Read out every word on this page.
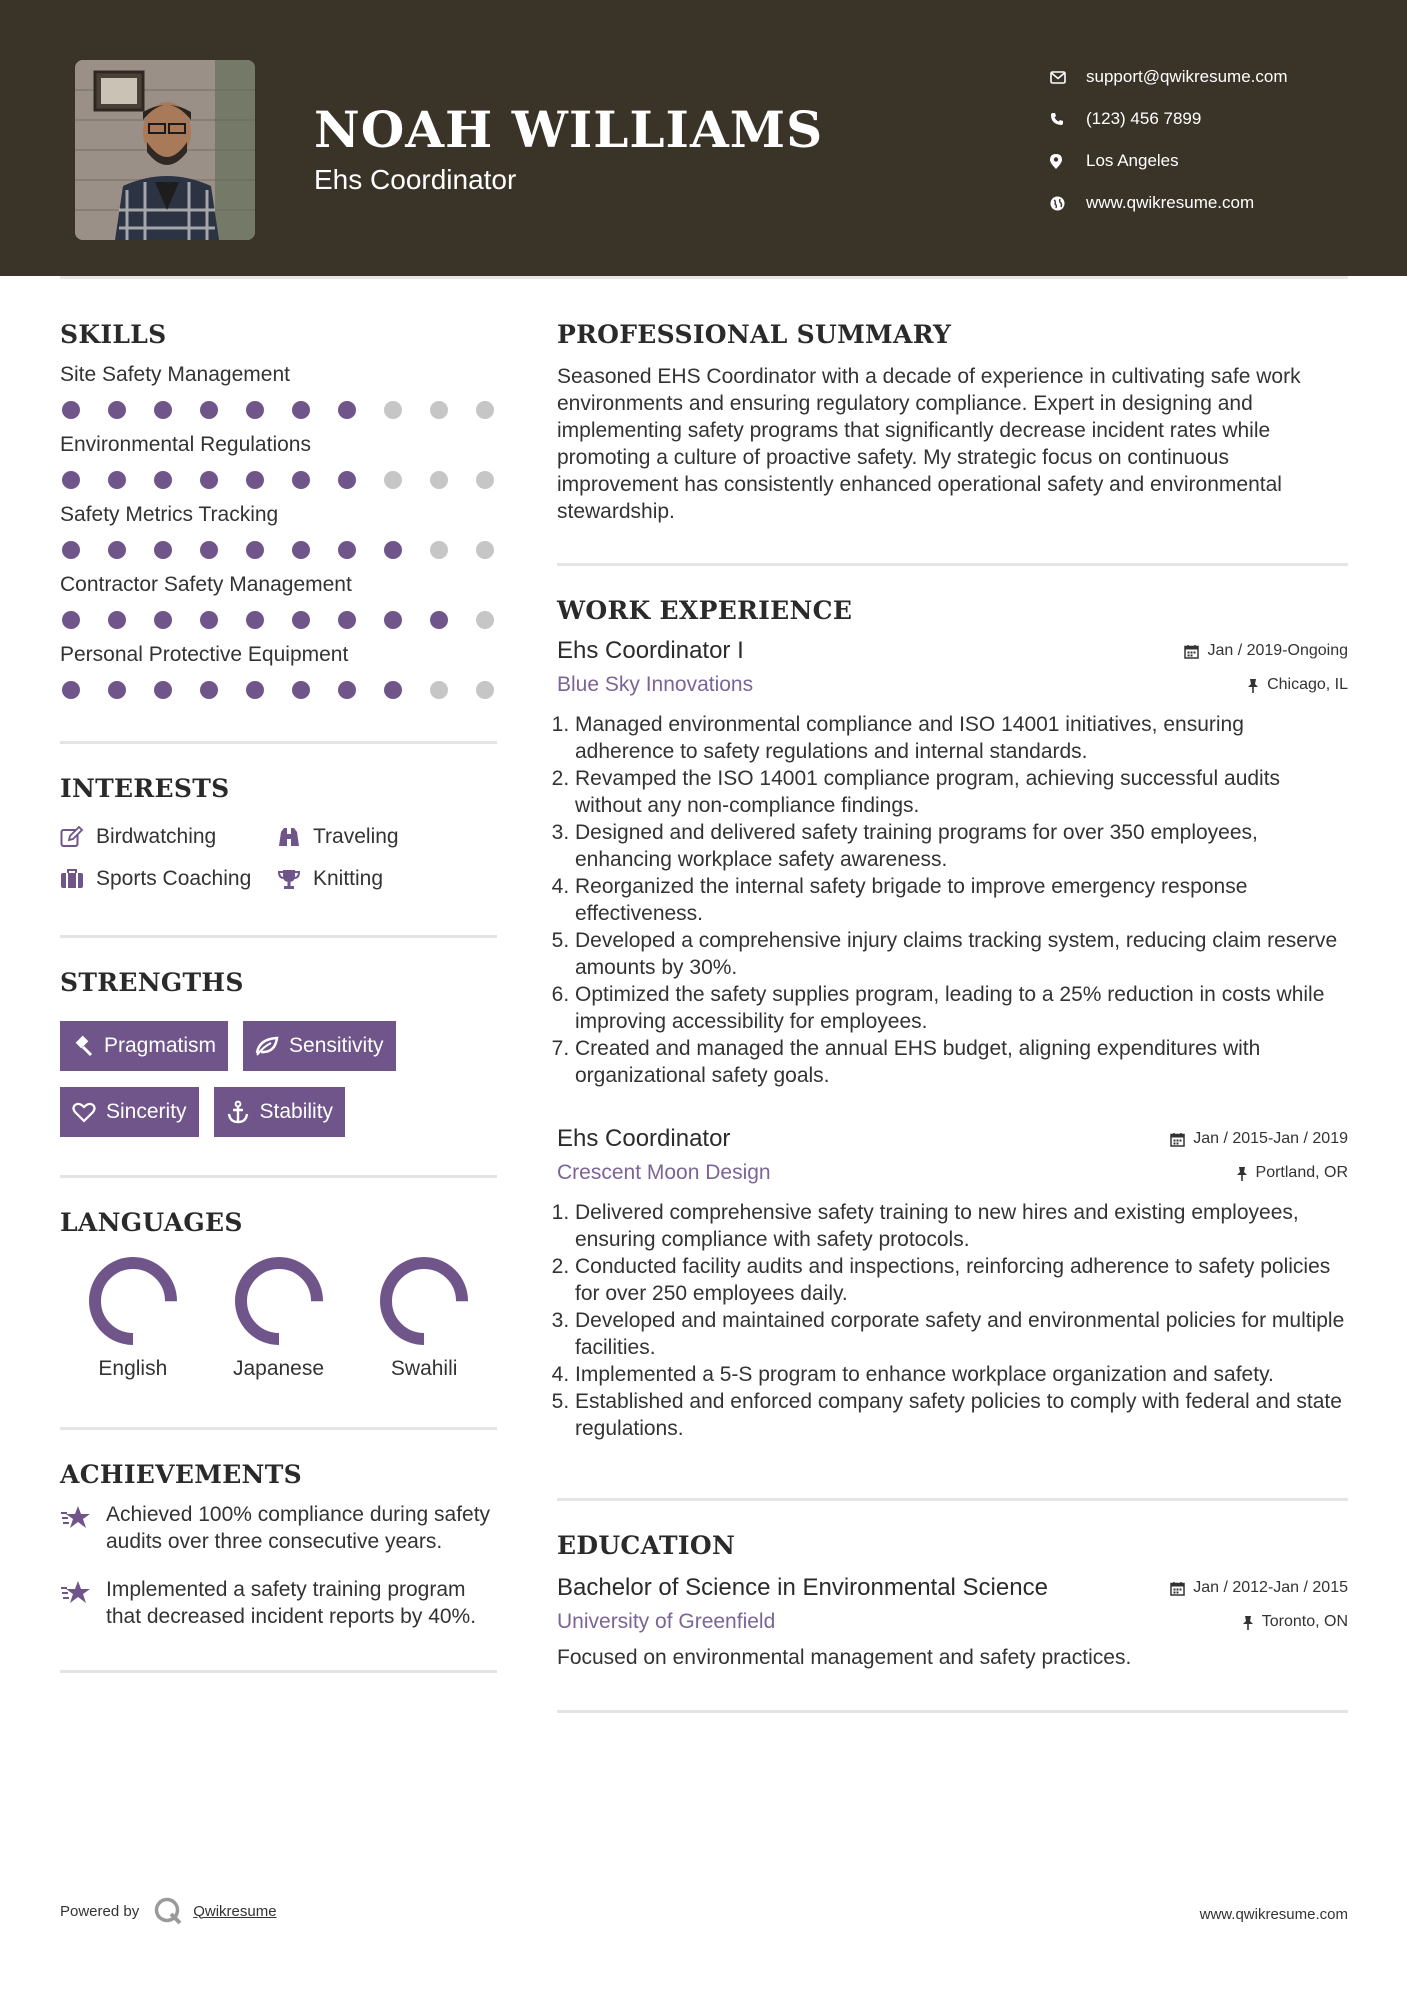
NOAH WILLIAMS
Ehs Coordinator
support@qwikresume.com
(123) 456 7899
Los Angeles
www.qwikresume.com
SKILLS
Site Safety Management
Environmental Regulations
Safety Metrics Tracking
Contractor Safety Management
Personal Protective Equipment
INTERESTS
Birdwatching	Traveling
Sports Coaching	Knitting
STRENGTHS
Pragmatism	Sensitivity
Sincerity	Stability
LANGUAGES
English	Japanese	Swahili
ACHIEVEMENTS
Achieved 100% compliance during safety audits over three consecutive years.
Implemented a safety training program that decreased incident reports by 40%.
PROFESSIONAL SUMMARY
Seasoned EHS Coordinator with a decade of experience in cultivating safe work environments and ensuring regulatory compliance. Expert in designing and implementing safety programs that significantly decrease incident rates while promoting a culture of proactive safety. My strategic focus on continuous improvement has consistently enhanced operational safety and environmental stewardship.
WORK EXPERIENCE
Ehs Coordinator I	Jan / 2019-Ongoing
Blue Sky Innovations	Chicago, IL
1. Managed environmental compliance and ISO 14001 initiatives, ensuring adherence to safety regulations and internal standards.
2. Revamped the ISO 14001 compliance program, achieving successful audits without any non-compliance findings.
3. Designed and delivered safety training programs for over 350 employees, enhancing workplace safety awareness.
4. Reorganized the internal safety brigade to improve emergency response effectiveness.
5. Developed a comprehensive injury claims tracking system, reducing claim reserve amounts by 30%.
6. Optimized the safety supplies program, leading to a 25% reduction in costs while improving accessibility for employees.
7. Created and managed the annual EHS budget, aligning expenditures with organizational safety goals.
Ehs Coordinator	Jan / 2015-Jan / 2019
Crescent Moon Design	Portland, OR
1. Delivered comprehensive safety training to new hires and existing employees, ensuring compliance with safety protocols.
2. Conducted facility audits and inspections, reinforcing adherence to safety policies for over 250 employees daily.
3. Developed and maintained corporate safety and environmental policies for multiple facilities.
4. Implemented a 5-S program to enhance workplace organization and safety.
5. Established and enforced company safety policies to comply with federal and state regulations.
EDUCATION
Bachelor of Science in Environmental Science	Jan / 2012-Jan / 2015
University of Greenfield	Toronto, ON
Focused on environmental management and safety practices.
Powered by	Qwikresume	www.qwikresume.com
